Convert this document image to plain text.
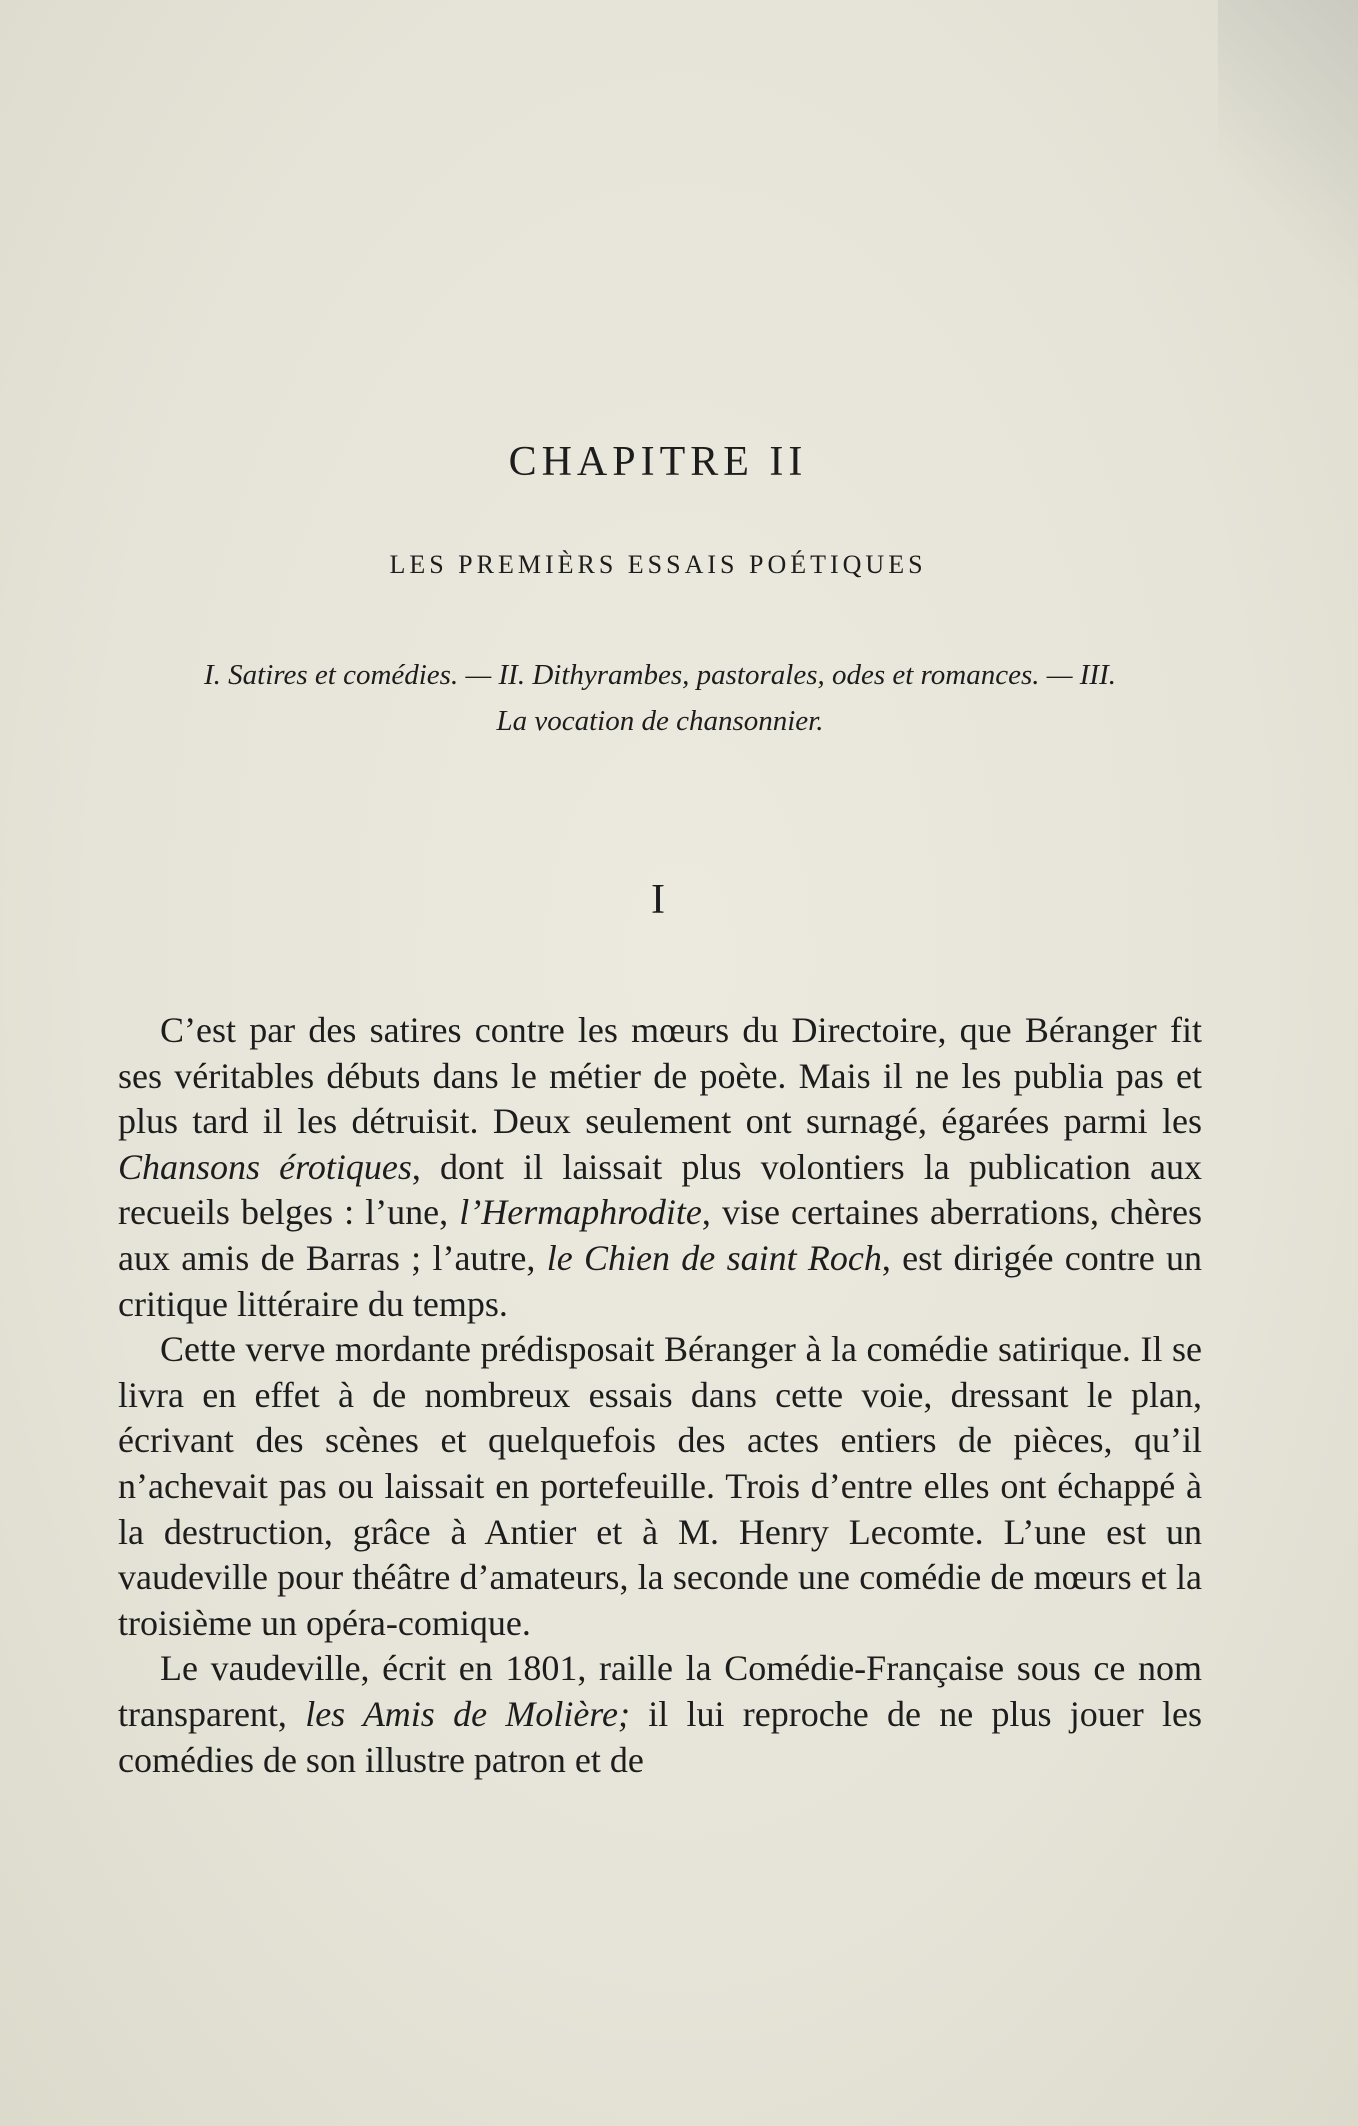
CHAPITRE II
LES PREMIÈRS ESSAIS POÉTIQUES
I. Satires et comédies. — II. Dithyrambes, pastorales, odes et romances. — III. La vocation de chansonnier.
I

C’est par des satires contre les mœurs du Directoire, que Béranger fit ses véritables débuts dans le métier de poète. Mais il ne les publia pas et plus tard il les détruisit. Deux seulement ont surnagé, égarées parmi les Chansons érotiques, dont il laissait plus volontiers la publication aux recueils belges : l’une, l’Hermaphrodite, vise certaines aberrations, chères aux amis de Barras ; l’autre, le Chien de saint Roch, est dirigée contre un critique littéraire du temps.

Cette verve mordante prédisposait Béranger à la comédie satirique. Il se livra en effet à de nombreux essais dans cette voie, dressant le plan, écrivant des scènes et quelquefois des actes entiers de pièces, qu’il n’achevait pas ou laissait en portefeuille. Trois d’entre elles ont échappé à la destruction, grâce à Antier et à M. Henry Lecomte. L’une est un vaudeville pour théâtre d’amateurs, la seconde une comédie de mœurs et la troisième un opéra-comique.

Le vaudeville, écrit en 1801, raille la Comédie-Française sous ce nom transparent, les Amis de Molière; il lui reproche de ne plus jouer les comédies de son illustre patron et de
